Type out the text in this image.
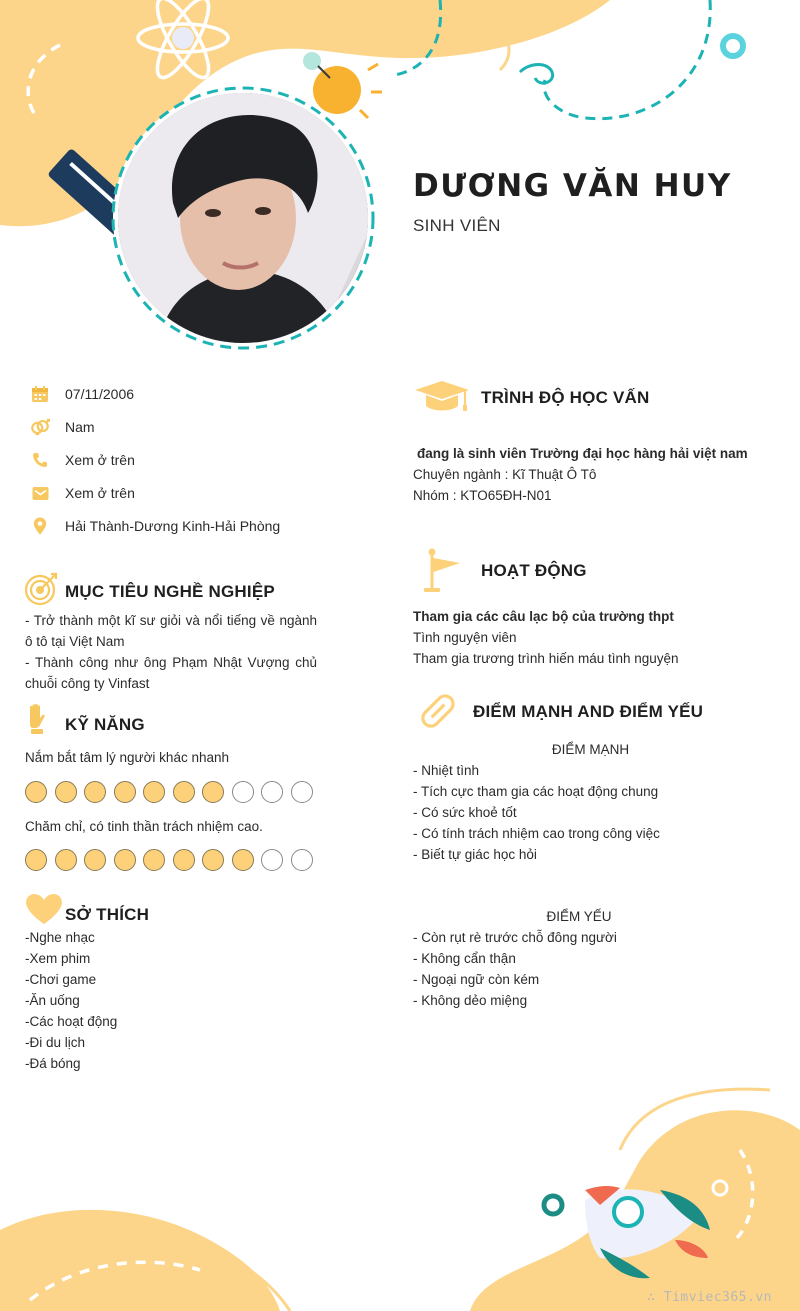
DƯƠNG VĂN HUY
SINH VIÊN
07/11/2006
Nam
Xem ở trên
Xem ở trên
Hải Thành-Dương Kinh-Hải Phòng
MỤC TIÊU NGHỀ NGHIỆP
- Trở thành một kĩ sư giỏi và nổi tiếng về ngành ô tô tại Việt Nam
- Thành công như ông Phạm Nhật Vượng chủ chuỗi công ty Vinfast
KỸ NĂNG
Nắm bắt tâm lý người khác nhanh
Chăm chỉ, có tinh thần trách nhiệm cao.
SỞ THÍCH
-Nghe nhạc
-Xem phim
-Chơi game
-Ăn uống
-Các hoạt động
-Đi du lịch
-Đá bóng
TRÌNH ĐỘ HỌC VẤN
đang là sinh viên Trường đại học hàng hải việt nam
Chuyên ngành : Kĩ Thuật Ô Tô
Nhóm : KTO65ĐH-N01
HOẠT ĐỘNG
Tham gia các câu lạc bộ của trường thpt
Tình nguyện viên
Tham gia trương trình hiến máu tình nguyện
ĐIỂM MẠNH AND ĐIỂM YẾU
ĐIỂM MẠNH
- Nhiệt tình
- Tích cực tham gia các hoạt động chung
- Có sức khoẻ tốt
- Có tính trách nhiệm cao trong công việc
- Biết tự giác học hỏi
ĐIỂM YẾU
- Còn rụt rè trước chỗ đông người
- Không cẩn thận
- Ngoại ngữ còn kém
- Không dẻo miệng
∴ Timviec365.vn
